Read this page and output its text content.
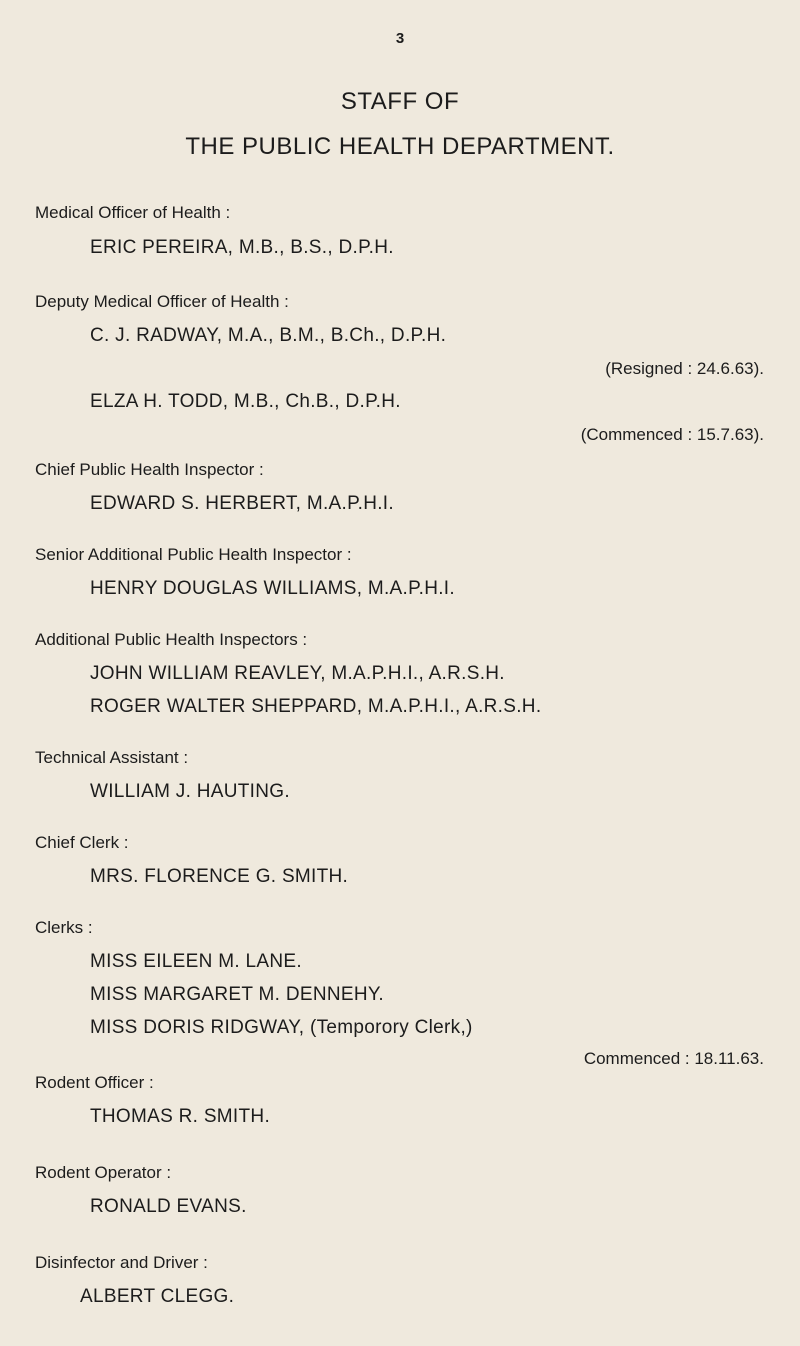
3
STAFF OF
THE PUBLIC HEALTH DEPARTMENT.
Medical Officer of Health :
ERIC PEREIRA, M.B., B.S., D.P.H.
Deputy Medical Officer of Health :
C. J. RADWAY, M.A., B.M., B.Ch., D.P.H.
(Resigned : 24.6.63).
ELZA H. TODD, M.B., Ch.B., D.P.H.
(Commenced : 15.7.63).
Chief Public Health Inspector :
EDWARD S. HERBERT, M.A.P.H.I.
Senior Additional Public Health Inspector :
HENRY DOUGLAS WILLIAMS, M.A.P.H.I.
Additional Public Health Inspectors :
JOHN WILLIAM REAVLEY, M.A.P.H.I., A.R.S.H.
ROGER WALTER SHEPPARD, M.A.P.H.I., A.R.S.H.
Technical Assistant :
WILLIAM J. HAUTING.
Chief Clerk :
MRS. FLORENCE G. SMITH.
Clerks :
MISS EILEEN M. LANE.
MISS MARGARET M. DENNEHY.
MISS DORIS RIDGWAY, (Temporory Clerk,)
Commenced : 18.11.63.
Rodent Officer :
THOMAS R. SMITH.
Rodent Operator :
RONALD EVANS.
Disinfector and Driver :
ALBERT CLEGG.
